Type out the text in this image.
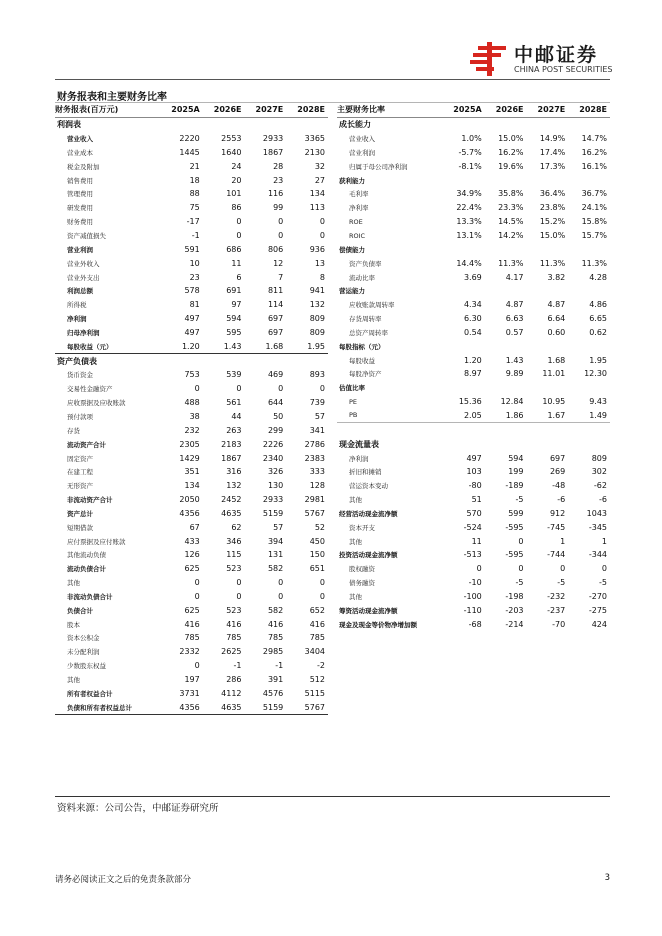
中邮证券
CHINA POST SECURITIES
财务报表和主要财务比率
财务报表(百万元)	2025A	2026E	2027E	2028E
利润表				
营业收入	2220	2553	2933	3365
营业成本	1445	1640	1867	2130
税金及附加	21	24	28	32
销售费用	18	20	23	27
管理费用	88	101	116	134
研发费用	75	86	99	113
财务费用	-17	0	0	0
资产减值损失	-1	0	0	0
营业利润	591	686	806	936
营业外收入	10	11	12	13
营业外支出	23	6	7	8
利润总额	578	691	811	941
所得税	81	97	114	132
净利润	497	594	697	809
归母净利润	497	595	697	809
每股收益（元）	1.20	1.43	1.68	1.95
资产负债表				
货币资金	753	539	469	893
交易性金融资产	0	0	0	0
应收票据及应收账款	488	561	644	739
预付款项	38	44	50	57
存货	232	263	299	341
流动资产合计	2305	2183	2226	2786
固定资产	1429	1867	2340	2383
在建工程	351	316	326	333
无形资产	134	132	130	128
非流动资产合计	2050	2452	2933	2981
资产总计	4356	4635	5159	5767
短期借款	67	62	57	52
应付票据及应付账款	433	346	394	450
其他流动负债	126	115	131	150
流动负债合计	625	523	582	651
其他	0	0	0	0
非流动负债合计	0	0	0	0
负债合计	625	523	582	652
股本	416	416	416	416
资本公积金	785	785	785	785
未分配利润	2332	2625	2985	3404
少数股东权益	0	-1	-1	-2
其他	197	286	391	512
所有者权益合计	3731	4112	4576	5115
负债和所有者权益总计	4356	4635	5159	5767
主要财务比率	2025A	2026E	2027E	2028E
成长能力				
营业收入	1.0%	15.0%	14.9%	14.7%
营业利润	-5.7%	16.2%	17.4%	16.2%
归属于母公司净利润	-8.1%	19.6%	17.3%	16.1%
获利能力				
毛利率	34.9%	35.8%	36.4%	36.7%
净利率	22.4%	23.3%	23.8%	24.1%
ROE	13.3%	14.5%	15.2%	15.8%
ROIC	13.1%	14.2%	15.0%	15.7%
偿债能力				
资产负债率	14.4%	11.3%	11.3%	11.3%
流动比率	3.69	4.17	3.82	4.28
营运能力				
应收账款周转率	4.34	4.87	4.87	4.86
存货周转率	6.30	6.63	6.64	6.65
总资产周转率	0.54	0.57	0.60	0.62
每股指标（元）				
每股收益	1.20	1.43	1.68	1.95
每股净资产	8.97	9.89	11.01	12.30
估值比率				
PE	15.36	12.84	10.95	9.43
PB	2.05	1.86	1.67	1.49

现金流量表				
净利润	497	594	697	809
折旧和摊销	103	199	269	302
营运资本变动	-80	-189	-48	-62
其他	51	-5	-6	-6
经营活动现金流净额	570	599	912	1043
资本开支	-524	-595	-745	-345
其他	11	0	1	1
投资活动现金流净额	-513	-595	-744	-344
股权融资	0	0	0	0
债务融资	-10	-5	-5	-5
其他	-100	-198	-232	-270
筹资活动现金流净额	-110	-203	-237	-275
现金及现金等价物净增加额	-68	-214	-70	424
资料来源：公司公告，中邮证券研究所
请务必阅读正文之后的免责条款部分	3
